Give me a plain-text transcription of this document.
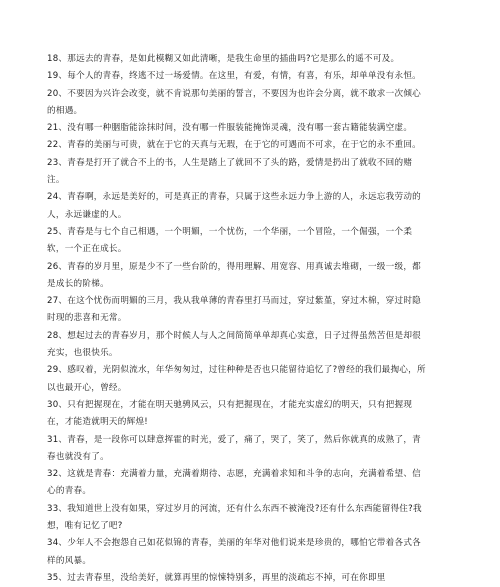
18、那远去的青春，是如此模糊又如此清晰，是我生命里的插曲吗?它是那么的遥不可及。

19、每个人的青春，终逃不过一场爱情。在这里，有爱，有情，有喜，有乐，却单单没有永恒。

20、不要因为兴许会改变，就不肯说那句美丽的誓言，不要因为也许会分离，就不敢求一次倾心的相遇。

21、没有哪一种胭脂能涂抹时间，没有哪一件服装能掩饰灵魂，没有哪一套古籍能装满空虚。

22、青春的美丽与可贵，就在于它的天真与无瑕，在于它的可遇而不可求，在于它的永不重回。

23、青春是打开了就合不上的书，人生是踏上了就回不了头的路，爱情是扔出了就收不回的赌注。

24、青春啊，永远是美好的，可是真正的青春，只属于这些永远力争上游的人，永远忘我劳动的人，永远谦虚的人。

25、青春是与七个自己相遇，一个明媚，一个忧伤，一个华丽，一个冒险，一个倔强，一个柔软，一个正在成长。

26、青春的岁月里，原是少不了一些台阶的，得用理解、用宽容、用真诚去堆砌，一级一级，都是成长的阶梯。

27、在这个忧伤而明媚的三月，我从我单薄的青春里打马而过，穿过紫堇，穿过木棉，穿过时隐时现的悲喜和无常。

28、想起过去的青春岁月，那个时候人与人之间简简单单却真心实意，日子过得虽然苦但是却很充实，也很快乐。

29、感叹着，光阴似流水，年华匆匆过，过往种种是否也只能留待追忆了?曾经的我们最掏心，所以也最开心，曾经。

30、只有把握现在，才能在明天驰骋风云，只有把握现在，才能充实虚幻的明天，只有把握现在，才能造就明天的辉煌!

31、青春，是一段你可以肆意挥霍的时光，爱了，痛了，哭了，笑了，然后你就真的成熟了，青春也就没有了。

32、这就是青春：充满着力量，充满着期待、志愿，充满着求知和斗争的志向，充满着希望、信心的青春。

33、我知道世上没有如果，穿过岁月的河流，还有什么东西不被淹没?还有什么东西能留得住?我想，唯有记忆了吧?

34、少年人不会抱怨自己如花似锦的青春，美丽的年华对他们说来是珍贵的，哪怕它带着各式各样的风暴。

35、过去青春里，没给美好，就算再里的惊悚特别多，再里的淡疏忘不掉，可在你即里
